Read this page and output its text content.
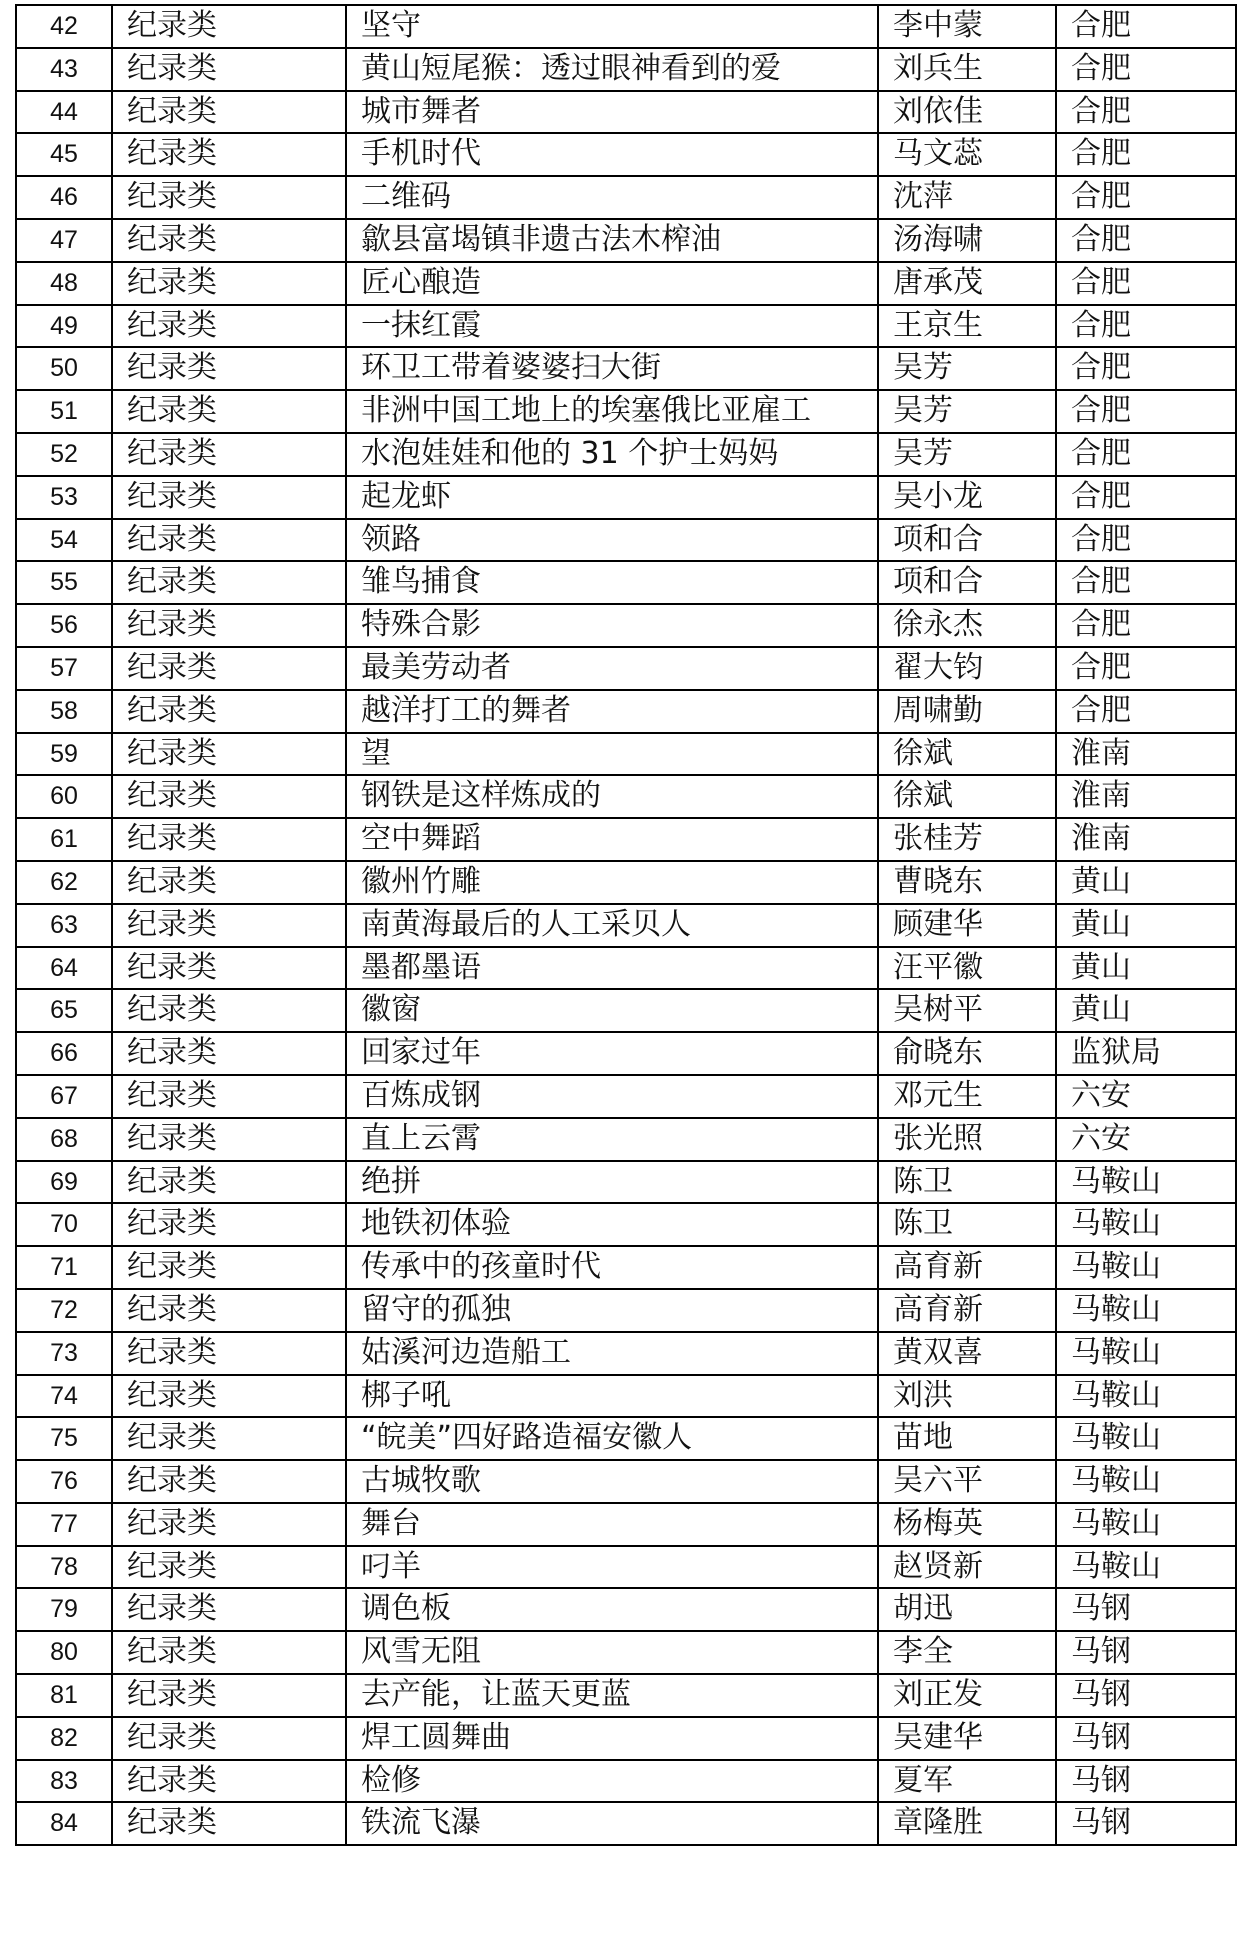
42	纪录类	坚守	李中蒙	合肥
43	纪录类	黄山短尾猴：透过眼神看到的爱	刘兵生	合肥
44	纪录类	城市舞者	刘依佳	合肥
45	纪录类	手机时代	马文蕊	合肥
46	纪录类	二维码	沈萍	合肥
47	纪录类	歙县富堨镇非遗古法木榨油	汤海啸	合肥
48	纪录类	匠心酿造	唐承茂	合肥
49	纪录类	一抹红霞	王京生	合肥
50	纪录类	环卫工带着婆婆扫大街	吴芳	合肥
51	纪录类	非洲中国工地上的埃塞俄比亚雇工	吴芳	合肥
52	纪录类	水泡娃娃和他的 31 个护士妈妈	吴芳	合肥
53	纪录类	起龙虾	吴小龙	合肥
54	纪录类	领路	项和合	合肥
55	纪录类	雏鸟捕食	项和合	合肥
56	纪录类	特殊合影	徐永杰	合肥
57	纪录类	最美劳动者	翟大钧	合肥
58	纪录类	越洋打工的舞者	周啸勤	合肥
59	纪录类	望	徐斌	淮南
60	纪录类	钢铁是这样炼成的	徐斌	淮南
61	纪录类	空中舞蹈	张桂芳	淮南
62	纪录类	徽州竹雕	曹晓东	黄山
63	纪录类	南黄海最后的人工采贝人	顾建华	黄山
64	纪录类	墨都墨语	汪平徽	黄山
65	纪录类	徽窗	吴树平	黄山
66	纪录类	回家过年	俞晓东	监狱局
67	纪录类	百炼成钢	邓元生	六安
68	纪录类	直上云霄	张光照	六安
69	纪录类	绝拼	陈卫	马鞍山
70	纪录类	地铁初体验	陈卫	马鞍山
71	纪录类	传承中的孩童时代	高育新	马鞍山
72	纪录类	留守的孤独	高育新	马鞍山
73	纪录类	姑溪河边造船工	黄双喜	马鞍山
74	纪录类	梆子吼	刘洪	马鞍山
75	纪录类	“皖美”四好路造福安徽人	苗地	马鞍山
76	纪录类	古城牧歌	吴六平	马鞍山
77	纪录类	舞台	杨梅英	马鞍山
78	纪录类	叼羊	赵贤新	马鞍山
79	纪录类	调色板	胡迅	马钢
80	纪录类	风雪无阻	李全	马钢
81	纪录类	去产能，让蓝天更蓝	刘正发	马钢
82	纪录类	焊工圆舞曲	吴建华	马钢
83	纪录类	检修	夏军	马钢
84	纪录类	铁流飞瀑	章隆胜	马钢
